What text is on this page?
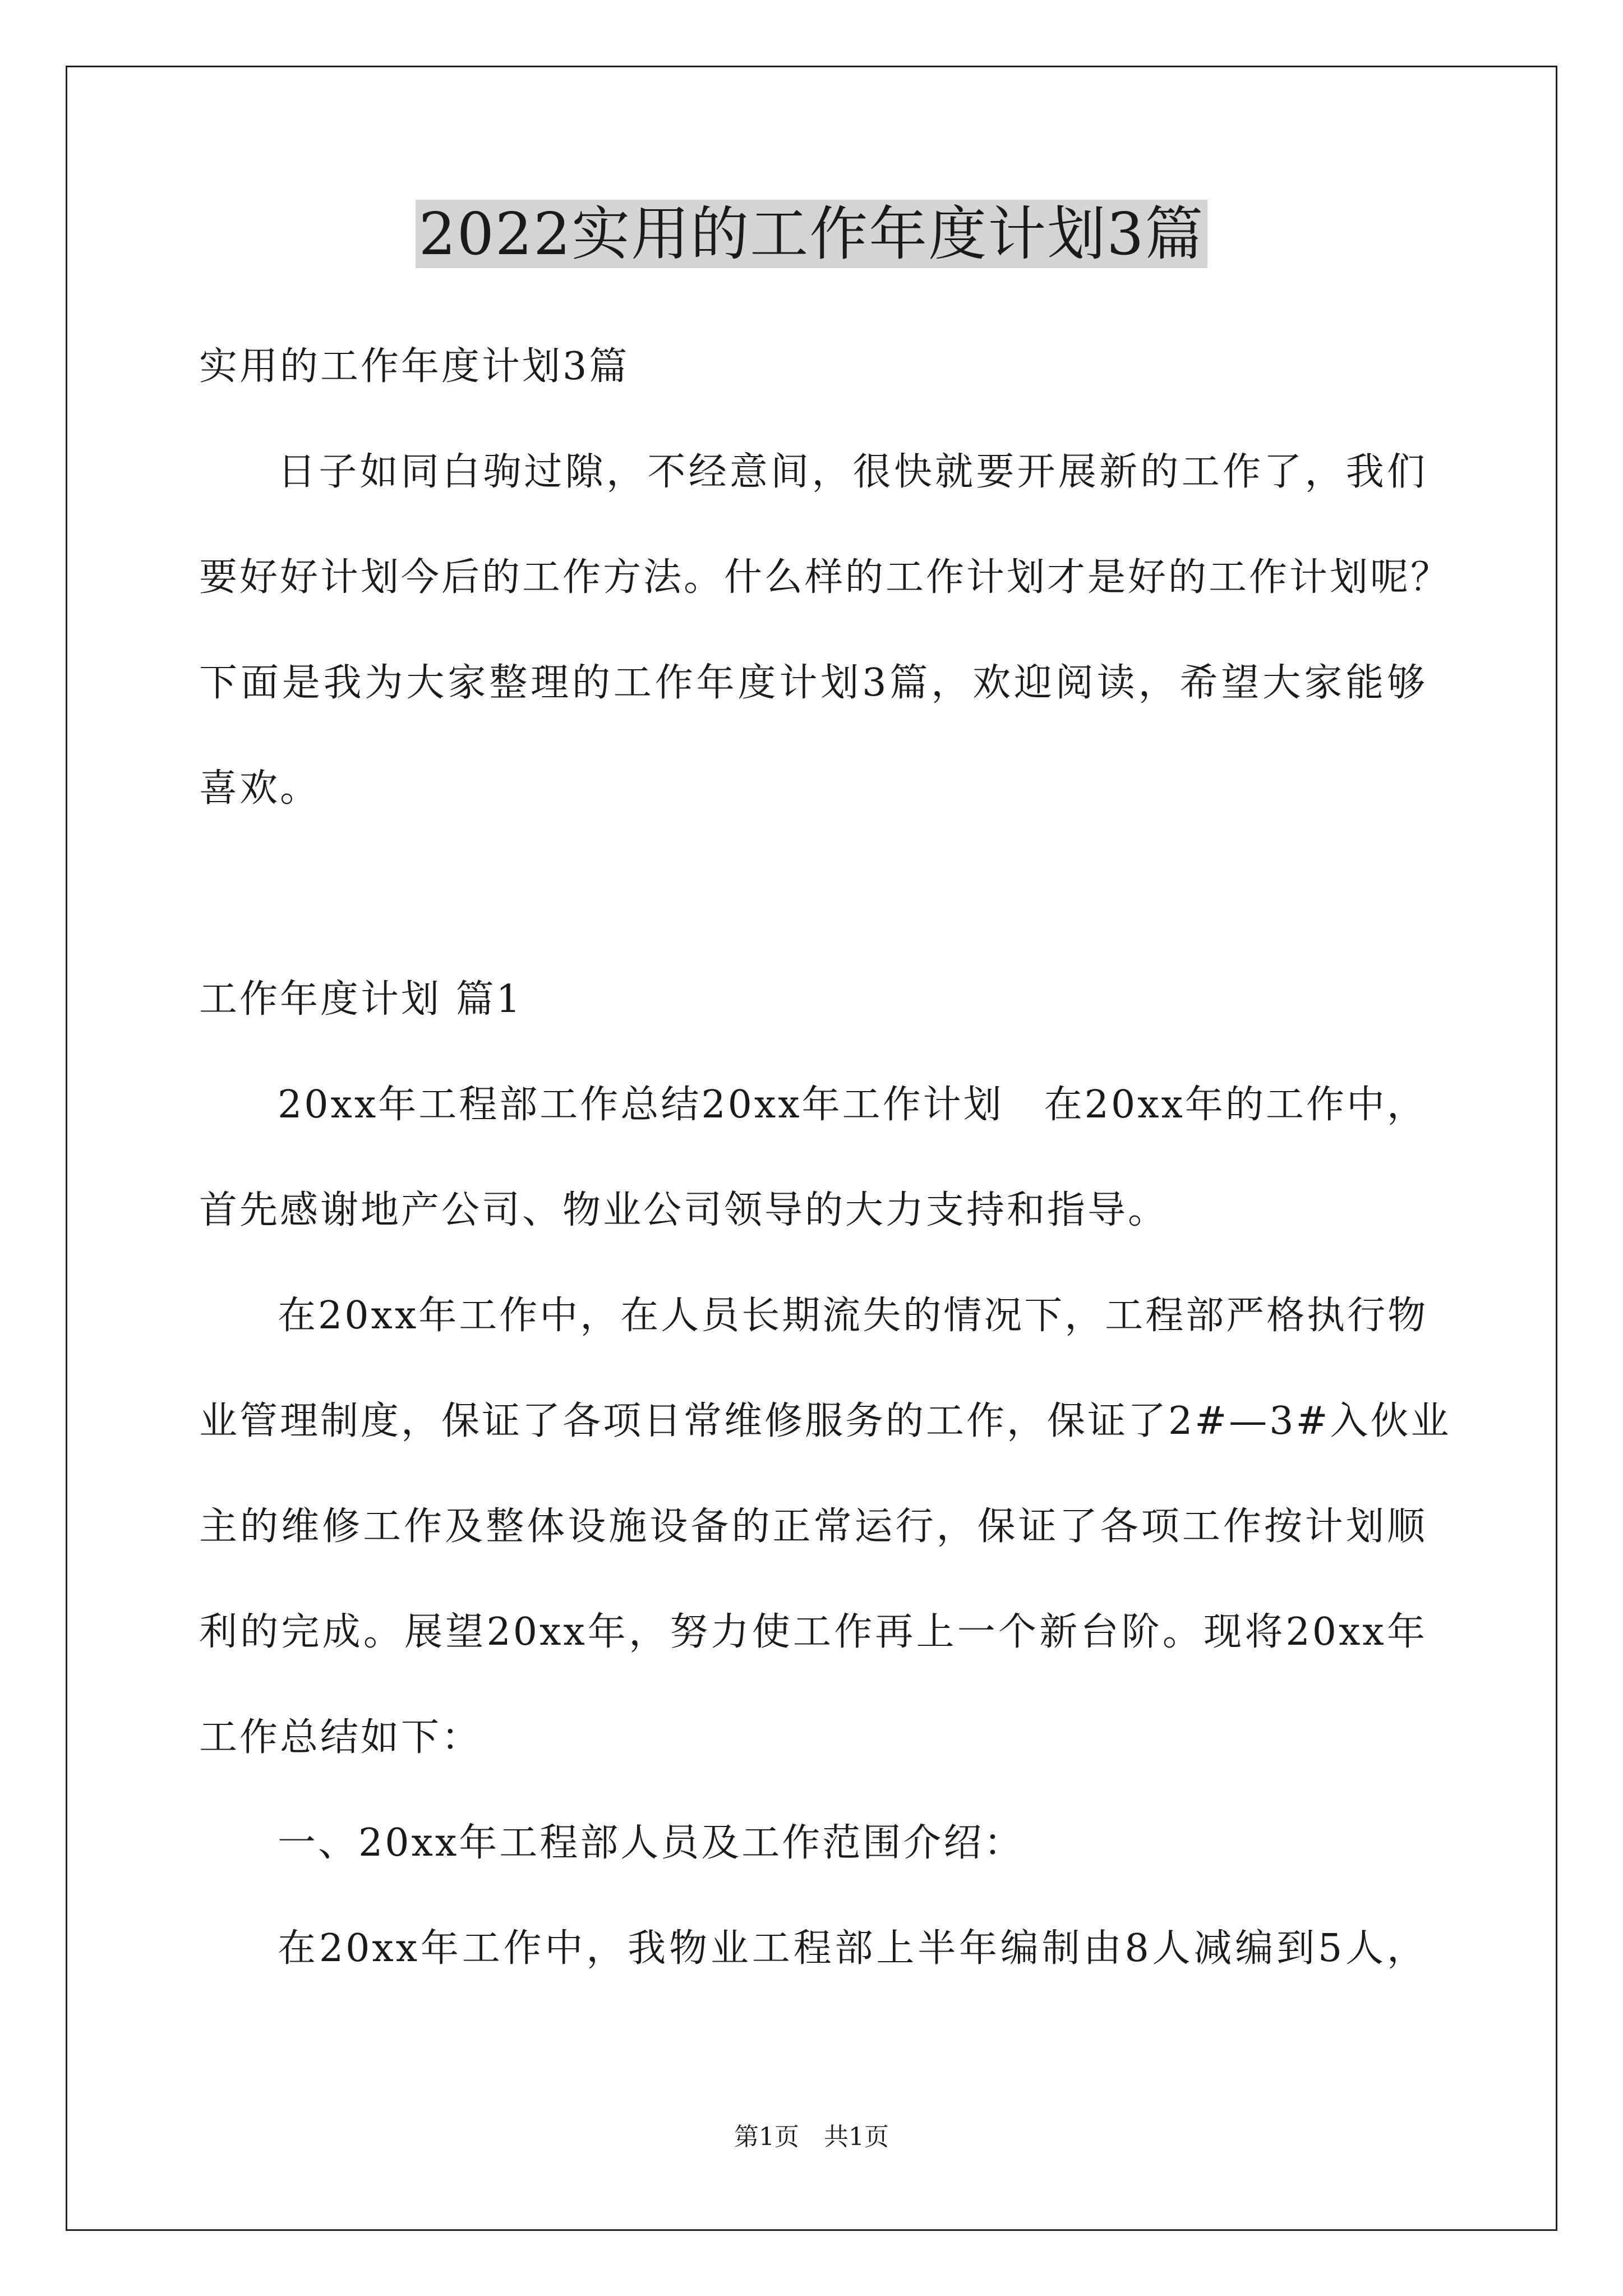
2022实用的工作年度计划3篇
实用的工作年度计划3篇
日子如同白驹过隙，不经意间，很快就要开展新的工作了，我们
要好好计划今后的工作方法。什么样的工作计划才是好的工作计划呢？
下面是我为大家整理的工作年度计划3篇，欢迎阅读，希望大家能够
喜欢。
工作年度计划 篇1
20xx年工程部工作总结20xx年工作计划　在20xx年的工作中，
首先感谢地产公司、物业公司领导的大力支持和指导。
在20xx年工作中，在人员长期流失的情况下，工程部严格执行物
业管理制度，保证了各项日常维修服务的工作，保证了2#—3#入伙业
主的维修工作及整体设施设备的正常运行，保证了各项工作按计划顺
利的完成。展望20xx年，努力使工作再上一个新台阶。现将20xx年
工作总结如下：
一、20xx年工程部人员及工作范围介绍：
在20xx年工作中，我物业工程部上半年编制由8人减编到5人，
第1页　共1页
